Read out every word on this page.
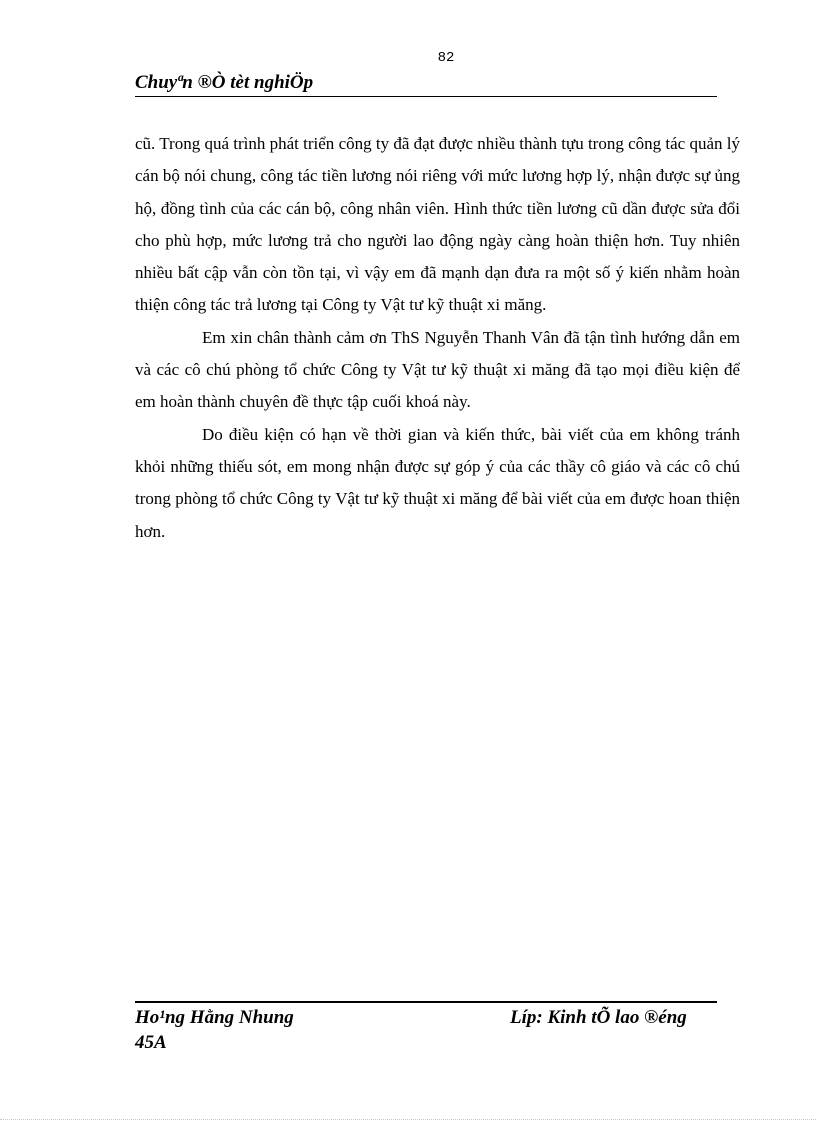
82
Chuyªn ®Ò tèt nghiÖp

cũ. Trong quá trình phát triển công ty đã đạt được nhiều thành tựu trong công tác quản lý cán bộ nói chung, công tác tiền lương nói riêng với mức lương hợp lý, nhận được sự ủng hộ, đồng tình của các cán bộ, công nhân viên. Hình thức tiền lương cũ dần được sửa đổi cho phù hợp, mức lương trả cho người lao động ngày càng hoàn thiện hơn. Tuy nhiên nhiều bất cập vẫn còn tồn tại, vì vậy em đã mạnh dạn đưa ra một số ý kiến nhằm hoàn thiện công tác trả lương tại Công ty Vật tư kỹ thuật xi măng.

Em xin chân thành cảm ơn ThS Nguyễn Thanh Vân đã tận tình hướng dẫn em và các cô chú phòng tổ chức Công ty Vật tư kỹ thuật xi măng đã tạo mọi điều kiện để em hoàn thành chuyên đề thực tập cuối khoá này.

Do điều kiện có hạn về thời gian và kiến thức, bài viết của em không tránh khỏi những thiếu sót, em mong nhận được sự góp ý của các thầy cô giáo và các cô chú trong phòng tổ chức Công ty Vật tư kỹ thuật xi măng để bài viết của em được hoan thiện hơn.

Ho¹ng Hằng Nhung	Líp: Kinh tÕ lao ®éng
45A
